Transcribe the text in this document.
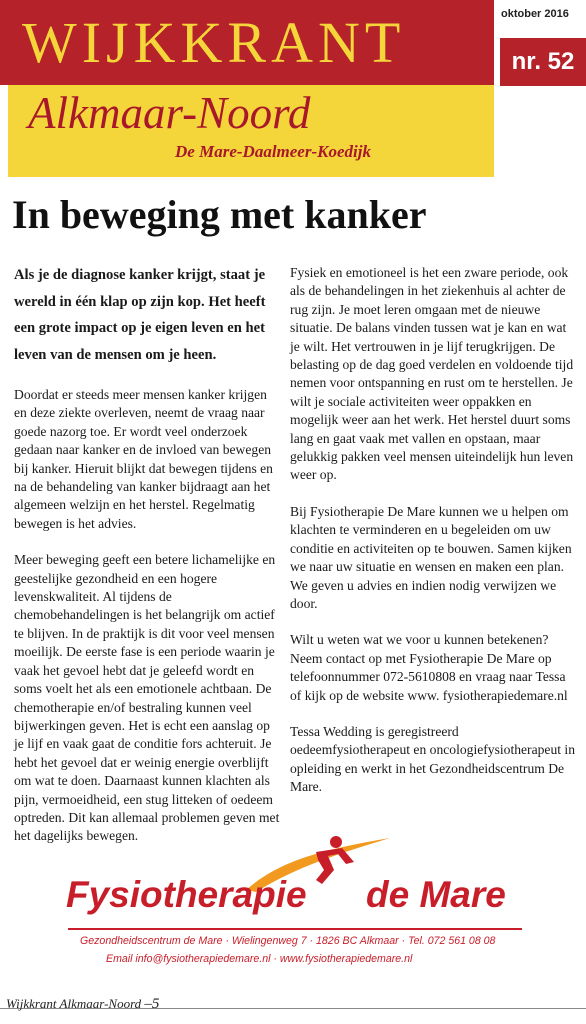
WIJKKRANT
Alkmaar-Noord
De Mare-Daalmeer-Koedijk
oktober 2016
nr. 52
In beweging met kanker

Als je de diagnose kanker krijgt, staat je wereld in één klap op zijn kop. Het heeft een grote impact op je eigen leven en het leven van de mensen om je heen.

Doordat er steeds meer mensen kanker krijgen en deze ziekte overleven, neemt de vraag naar goede nazorg toe. Er wordt veel onderzoek gedaan naar kanker en de invloed van bewegen bij kanker. Hieruit blijkt dat bewegen tijdens en na de behandeling van kanker bijdraagt aan het algemeen welzijn en het herstel. Regelmatig bewegen is het advies.

Meer beweging geeft een betere lichamelijke en geestelijke gezondheid en een hogere levenskwaliteit. Al tijdens de chemobehandelingen is het belangrijk om actief te blijven. In de praktijk is dit voor veel mensen moeilijk. De eerste fase is een periode waarin je vaak het gevoel hebt dat je geleefd wordt en soms voelt het als een emotionele achtbaan. De chemotherapie en/of bestraling kunnen veel bijwerkingen geven. Het is echt een aanslag op je lijf en vaak gaat de conditie fors achteruit. Je hebt het gevoel dat er weinig energie overblijft om wat te doen. Daarnaast kunnen klachten als pijn, vermoeidheid, een stug litteken of oedeem optreden. Dit kan allemaal problemen geven met het dagelijks bewegen.

Fysiek en emotioneel is het een zware periode, ook als de behandelingen in het ziekenhuis al achter de rug zijn. Je moet leren omgaan met de nieuwe situatie. De balans vinden tussen wat je kan en wat je wilt. Het vertrouwen in je lijf terugkrijgen. De belasting op de dag goed verdelen en voldoende tijd nemen voor ontspanning en rust om te herstellen. Je wilt je sociale activiteiten weer oppakken en mogelijk weer aan het werk. Het herstel duurt soms lang en gaat vaak met vallen en opstaan, maar gelukkig pakken veel mensen uiteindelijk hun leven weer op.

Bij Fysiotherapie De Mare kunnen we u helpen om klachten te verminderen en u begeleiden om uw conditie en activiteiten op te bouwen. Samen kijken we naar uw situatie en wensen en maken een plan. We geven u advies en indien nodig verwijzen we door.

Wilt u weten wat we voor u kunnen betekenen? Neem contact op met Fysiotherapie De Mare op telefoonnummer 072-5610808 en vraag naar Tessa of kijk op de website www. fysiotherapiedemare.nl

Tessa Wedding is geregistreerd oedeemfysiotherapeut en oncologiefysiotherapeut in opleiding en werkt in het Gezondheidscentrum De Mare.

Fysiotherapie de Mare
Gezondheidscentrum de Mare · Wielingenweg 7 · 1826 BC Alkmaar · Tel. 072 561 08 08
Email info@fysiotherapiedemare.nl · www.fysiotherapiedemare.nl
Wijkkrant Alkmaar-Noord –5
